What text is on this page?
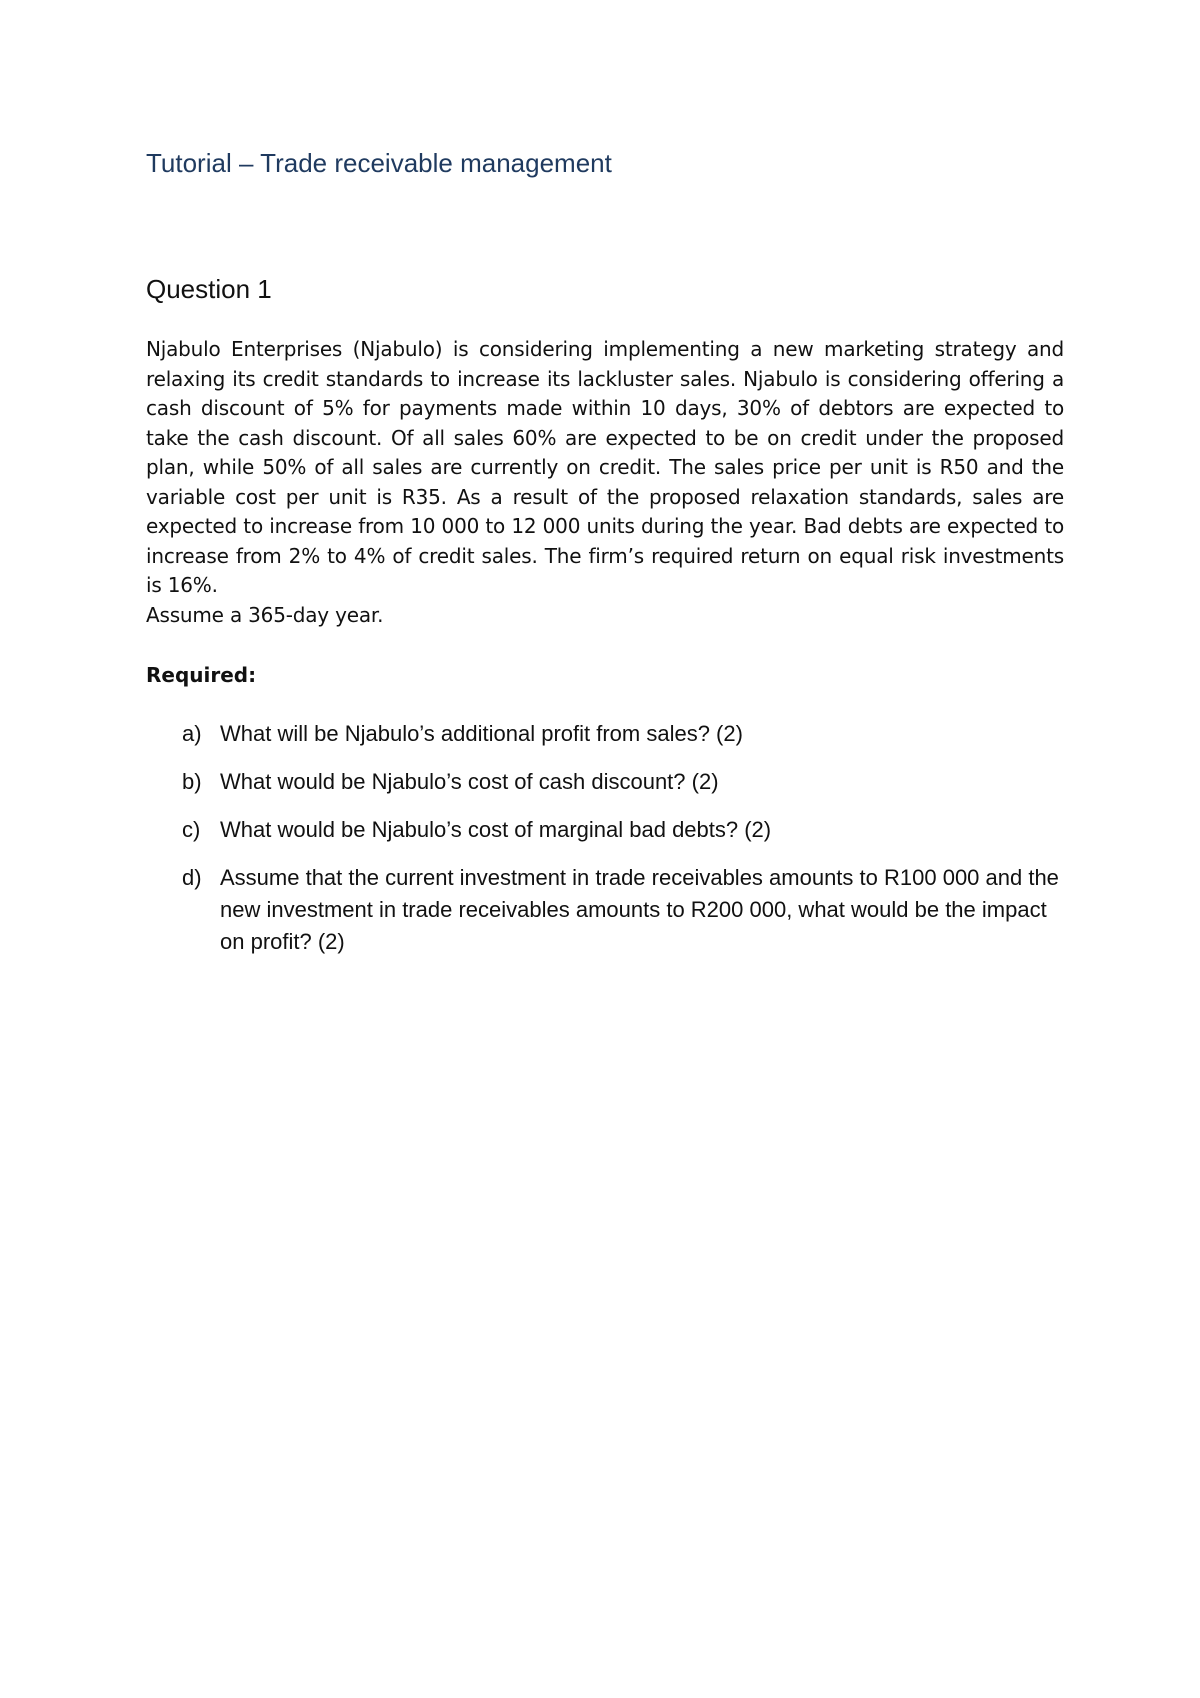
Tutorial – Trade receivable management
Question 1

Njabulo Enterprises (Njabulo) is considering implementing a new marketing strategy and relaxing its credit standards to increase its lackluster sales. Njabulo is considering offering a cash discount of 5% for payments made within 10 days, 30% of debtors are expected to take the cash discount. Of all sales 60% are expected to be on credit under the proposed plan, while 50% of all sales are currently on credit. The sales price per unit is R50 and the variable cost per unit is R35. As a result of the proposed relaxation standards, sales are expected to increase from 10 000 to 12 000 units during the year. Bad debts are expected to increase from 2% to 4% of credit sales. The firm’s required return on equal risk investments is 16%.

Assume a 365-day year.

Required:

a) What will be Njabulo’s additional profit from sales? (2)
b) What would be Njabulo’s cost of cash discount? (2)
c) What would be Njabulo’s cost of marginal bad debts? (2)
d) Assume that the current investment in trade receivables amounts to R100 000 and the new investment in trade receivables amounts to R200 000, what would be the impact on profit? (2)
